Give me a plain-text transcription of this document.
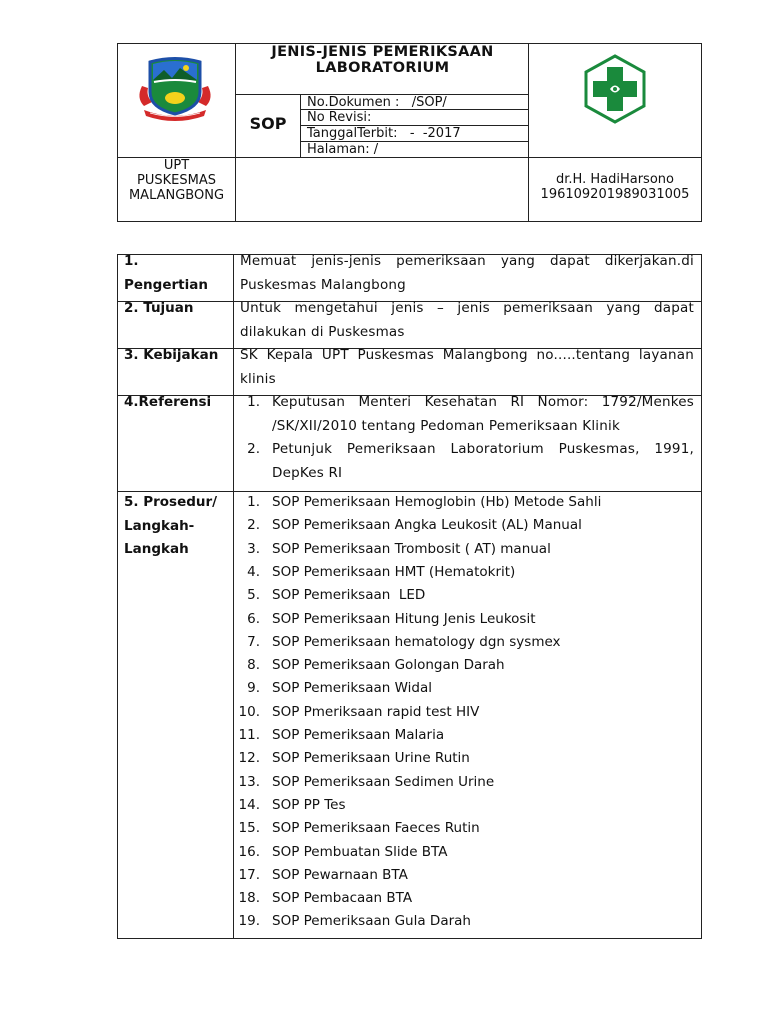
JENIS-JENIS PEMERIKSAAN LABORATORIUM
SOP
No.Dokumen :   /SOP/
No Revisi:
TanggalTerbit:   -  -2017
Halaman: /
UPT
PUSKESMAS
MALANGBONG
dr.H. HadiHarsono
196109201989031005
1.
Pengertian
Memuat jenis-jenis pemeriksaan yang dapat dikerjakan.di
Puskesmas Malangbong
2. Tujuan	Untuk mengetahui jenis – jenis pemeriksaan yang dapat
dilakukan di Puskesmas
3. Kebijakan SK Kepala UPT Puskesmas Malangbong no.....tentang layanan
klinis
4.Referensi	1. Keputusan Menteri Kesehatan RI Nomor: 1792/Menkes
/SK/XII/2010 tentang Pedoman Pemeriksaan Klinik
2. Petunjuk Pemeriksaan Laboratorium Puskesmas, 1991,
DepKes RI
5. Prosedur/
Langkah-
Langkah
1. SOP Pemeriksaan Hemoglobin (Hb) Metode Sahli
2. SOP Pemeriksaan Angka Leukosit (AL) Manual
3. SOP Pemeriksaan Trombosit ( AT) manual
4. SOP Pemeriksaan HMT (Hematokrit)
5. SOP Pemeriksaan  LED
6. SOP Pemeriksaan Hitung Jenis Leukosit
7. SOP Pemeriksaan hematology dgn sysmex
8. SOP Pemeriksaan Golongan Darah
9. SOP Pemeriksaan Widal
10. SOP Pmeriksaan rapid test HIV
11. SOP Pemeriksaan Malaria
12. SOP Pemeriksaan Urine Rutin
13. SOP Pemeriksaan Sedimen Urine
14. SOP PP Tes
15. SOP Pemeriksaan Faeces Rutin
16. SOP Pembuatan Slide BTA
17. SOP Pewarnaan BTA
18. SOP Pembacaan BTA
19. SOP Pemeriksaan Gula Darah
